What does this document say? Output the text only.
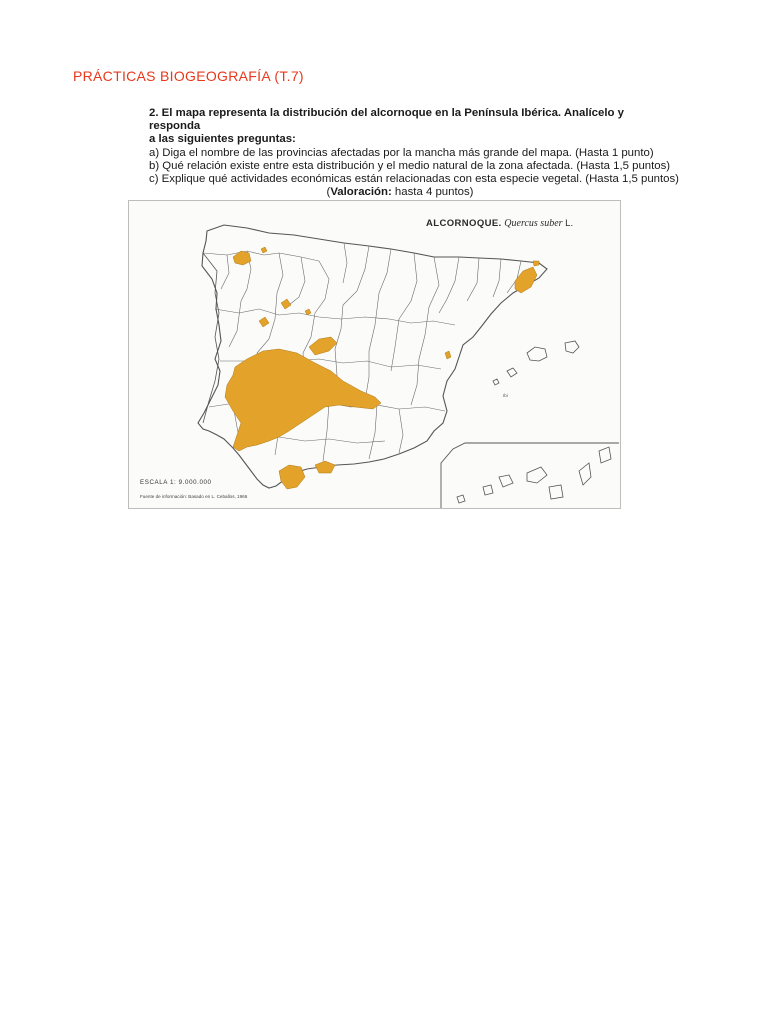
PRÁCTICAS BIOGEOGRAFÍA (T.7)
2. El mapa representa la distribución del alcornoque en la Península Ibérica. Analícelo y responda
a las siguientes preguntas:
a) Diga el nombre de las provincias afectadas por la mancha más grande del mapa. (Hasta 1 punto)
b) Qué relación existe entre esta distribución y el medio natural de la zona afectada. (Hasta 1,5 puntos)
c) Explique qué actividades económicas están relacionadas con esta especie vegetal. (Hasta 1,5 puntos)
(Valoración: hasta 4 puntos)
Ibi
ALCORNOQUE. Quercus suber L.
ESCALA 1: 9.000.000
Fuente de información: Basado en L. Ceballos, 1966
